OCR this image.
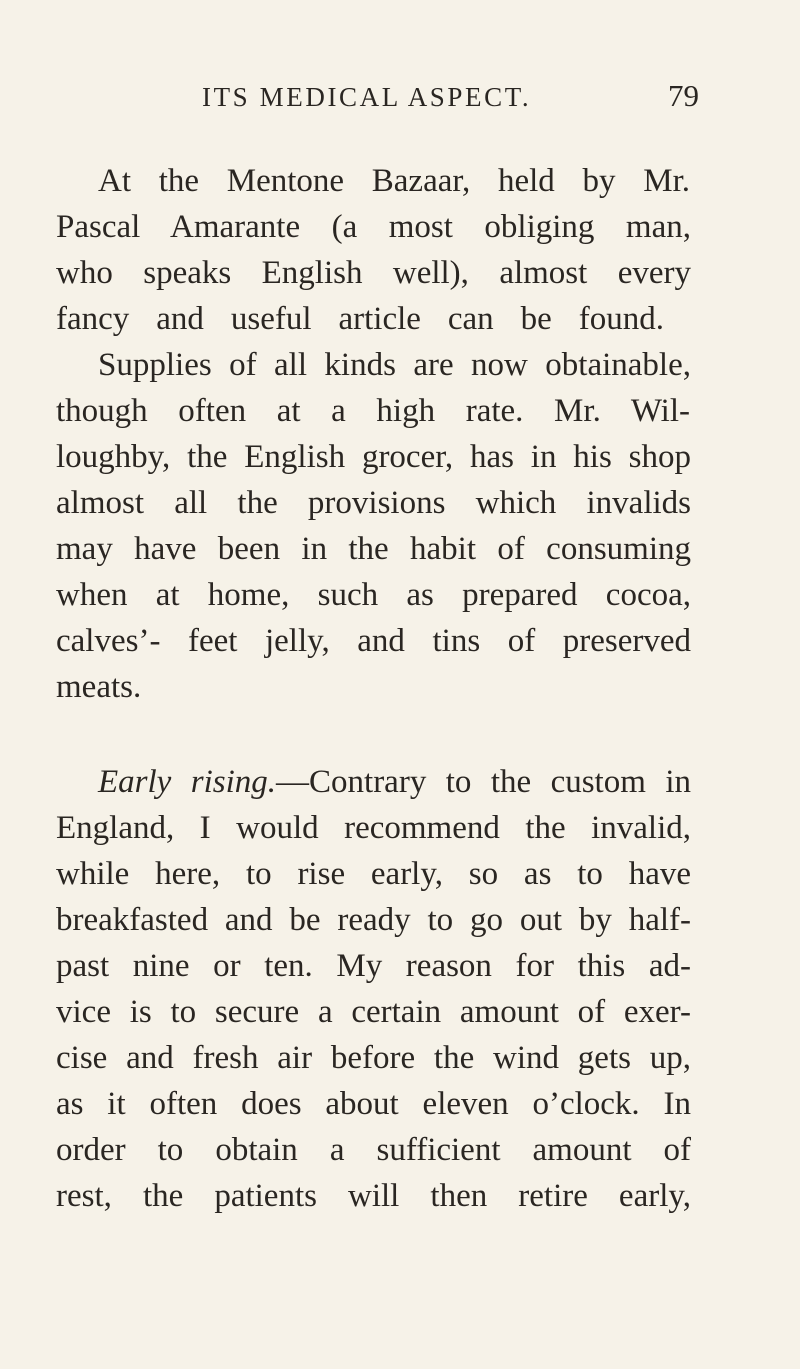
ITS MEDICAL ASPECT.	79
At the Mentone Bazaar, held by Mr.
Pascal Amarante (a most obliging man,
who speaks English well), almost every
fancy and useful article can be found.
Supplies of all kinds are now obtainable,
though often at a high rate. Mr. Wil-
loughby, the English grocer, has in his shop
almost all the provisions which invalids
may have been in the habit of consuming
when at home, such as prepared cocoa,
calves’- feet jelly, and tins of preserved
meats.
Early rising.—Contrary to the custom in
England, I would recommend the invalid,
while here, to rise early, so as to have
breakfasted and be ready to go out by half-
past nine or ten. My reason for this ad-
vice is to secure a certain amount of exer-
cise and fresh air before the wind gets up,
as it often does about eleven o’clock. In
order to obtain a sufficient amount of
rest, the patients will then retire early,
